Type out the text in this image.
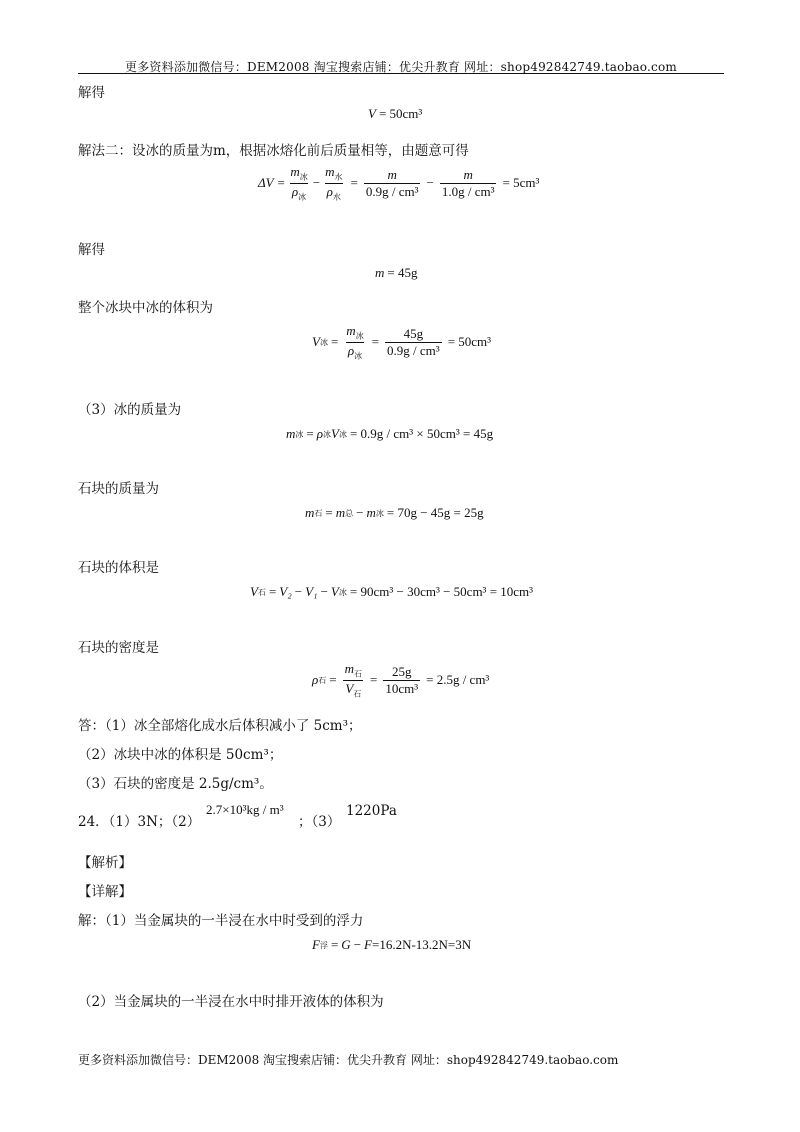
更多资料添加微信号：DEM2008 淘宝搜索店铺：优尖升教育 网址：shop492842749.taobao.com
解得
V = 50cm³
解法二：设冰的质量为m，根据冰熔化前后质量相等，由题意可得
$\Delta V = \frac{m_冰}{\rho_冰} - \frac{m_水}{\rho_水} = \frac{m}{\text{0.9g / cm³}} - \frac{m}{\text{1.0g / cm³}} = 5cm^3$
解得
m = 45g
整个冰块中冰的体积为
V 冰 = $\frac{m_冰}{\rho_冰} = \frac{45g}{\text{0.9g / cm³}} = 50cm^3$
（3）冰的质量为
m 冰 = ρ 冰 V 冰 = 0.9g / cm³ × 50cm³ = 45g
石块的质量为
m 石 = m 总 − m 冰 = 70g − 45g = 25g
石块的体积是
V 石 = V₂ − V₁ − V 冰 = 90cm³ − 30cm³ − 50cm³ = 10cm³
石块的密度是
ρ 石 = $\frac{m_石}{V_石} = \frac{25g}{\text{10cm³}} = 2.5g / cm^3$
答：（1）冰全部熔化成水后体积减小了 5cm³；
（2）冰块中冰的体积是 50cm³；
（3）石块的密度是 2.5g/cm³。
24．（1）3N；（2）
2.7×10³kg / m³
；（3）
1220Pa
【解析】
【详解】
解：（1）当金属块的一半浸在水中时受到的浮力
F 浮 = G − F =16.2N-13.2N=3N
（2）当金属块的一半浸在水中时排开液体的体积为
更多资料添加微信号：DEM2008 淘宝搜索店铺：优尖升教育 网址：shop492842749.taobao.com
